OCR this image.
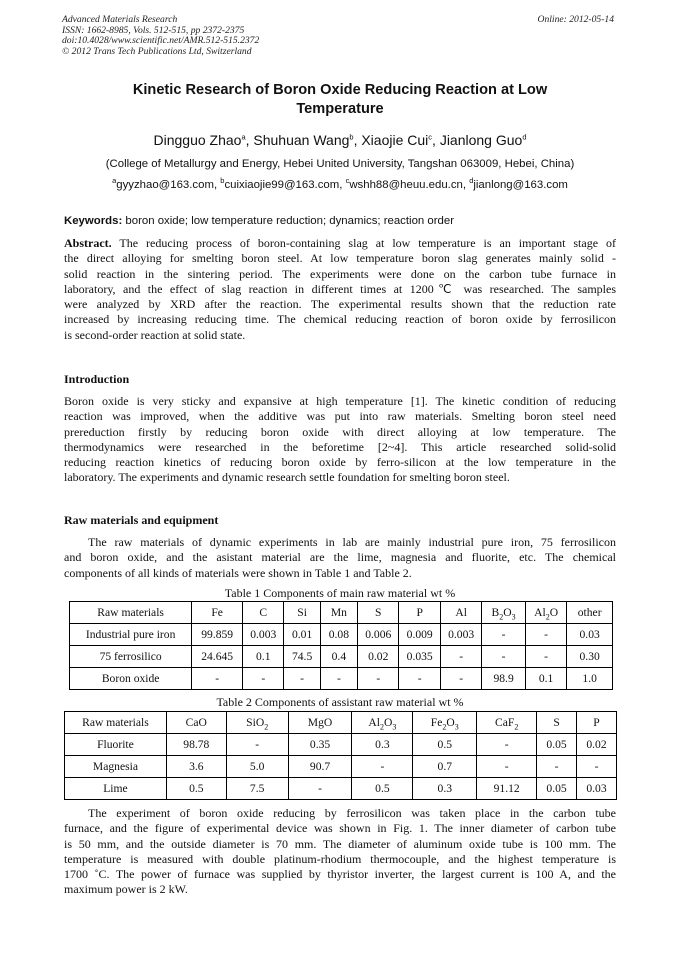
Advanced Materials Research
ISSN: 1662-8985, Vols. 512-515, pp 2372-2375
doi:10.4028/www.scientific.net/AMR.512-515.2372
© 2012 Trans Tech Publications Ltd, Switzerland
Online: 2012-05-14
Kinetic Research of Boron Oxide Reducing Reaction at Low
Temperature
Dingguo Zhao$^a$, Shuhuan Wang$^b$, Xiaojie Cui$^c$, Jianlong Guo$^d$
(College of Metallurgy and Energy, Hebei United University, Tangshan 063009, Hebei, China)
$^a$gyyzhao@163.com, $^b$cuixiaojie99@163.com, $^c$wshh88@heuu.edu.cn, $^d$jianlong@163.com
Keywords: boron oxide; low temperature reduction; dynamics; reaction order
Abstract. The reducing process of boron-containing slag at low temperature is an important stage of
the direct alloying for smelting boron steel. At low temperature boron slag generates mainly solid -
solid reaction in the sintering period. The experiments were done on the carbon tube furnace in
laboratory, and the effect of slag reaction in different times at 1200℃ was researched. The samples
were analyzed by XRD after the reaction. The experimental results shown that the reduction rate
increased by increasing reducing time. The chemical reducing reaction of boron oxide by ferrosilicon
is second-order reaction at solid state.
Introduction
Boron oxide is very sticky and expansive at high temperature [1]. The kinetic condition of reducing
reaction was improved, when the additive was put into raw materials. Smelting boron steel need
prereduction firstly by reducing boron oxide with direct alloying at low temperature. The
thermodynamics were researched in the beforetime [2~4]. This article researched solid-solid
reducing reaction kinetics of reducing boron oxide by ferro-silicon at the low temperature in the
laboratory. The experiments and dynamic research settle foundation for smelting boron steel.
Raw materials and equipment
The raw materials of dynamic experiments in lab are mainly industrial pure iron, 75 ferrosilicon
and boron oxide, and the asistant material are the lime, magnesia and fluorite, etc. The chemical
components of all kinds of materials were shown in Table 1 and Table 2.
Table 1 Components of main raw material wt %
Raw materials	Fe	C	Si	Mn	S	P	Al	$B_2O_3$	$Al_2O$	other
Industrial pure iron	99.859	0.003	0.01	0.08	0.006	0.009	0.003	-	-	0.03
75 ferrosilico	24.645	0.1	74.5	0.4	0.02	0.035	-	-	-	0.30
Boron oxide	-	-	-	-	-	-	-	98.9	0.1	1.0
Table 2 Components of assistant raw material wt %
Raw materials	CaO	SiO$_2$	MgO	$Al_2O_3$	$Fe_2O_3$	CaF$_2$	S	P
Fluorite	98.78	-	0.35	0.3	0.5	-	0.05	0.02
Magnesia	3.6	5.0	90.7	-	0.7	-	-	-
Lime	0.5	7.5	-	0.5	0.3	91.12	0.05	0.03
The experiment of boron oxide reducing by ferrosilicon was taken place in the carbon tube
furnace, and the figure of experimental device was shown in Fig. 1. The inner diameter of carbon tube
is 50 mm, and the outside diameter is 70 mm. The diameter of aluminum oxide tube is 100 mm. The
temperature is measured with double platinum-rhodium thermocouple, and the highest temperature is
1700 ˚C. The power of furnace was supplied by thyristor inverter, the largest current is 100 A, and the
maximum power is 2 kW.
